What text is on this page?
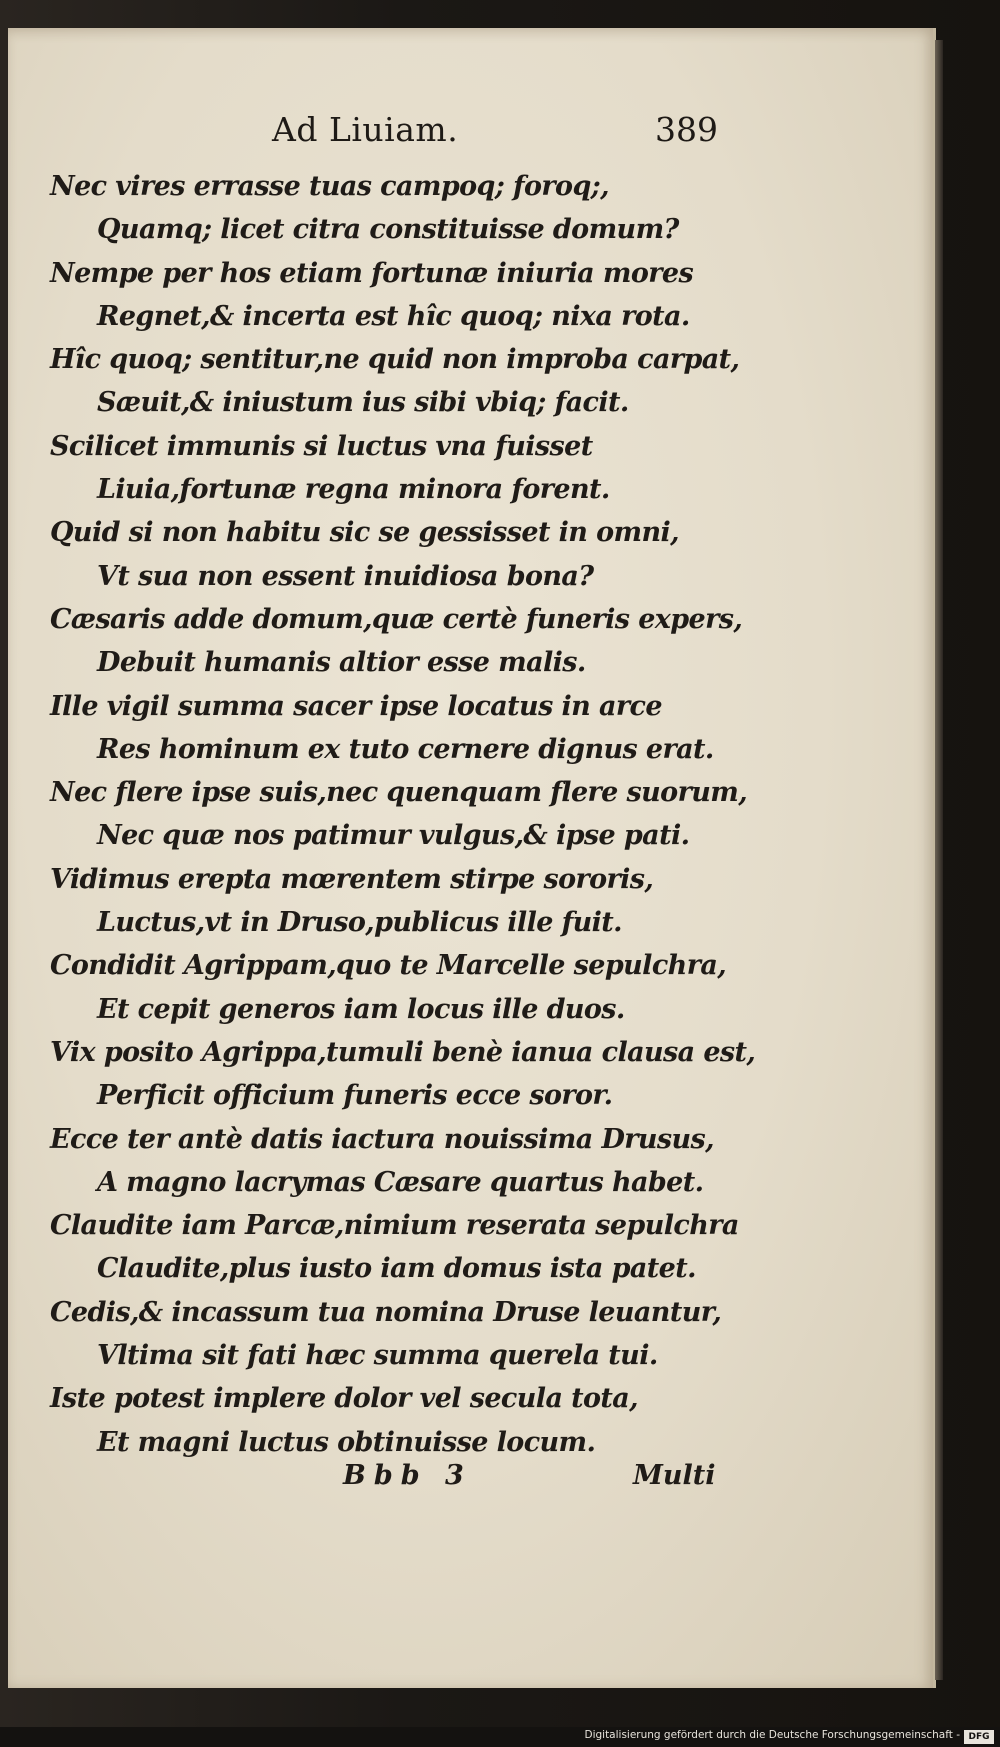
Ad Liuiam.	389
Nec vires errasse tuas campoq; foroq;,
Quamq; licet citra constituisse domum?
Nempe per hos etiam fortunæ iniuria mores
Regnet,& incerta est hîc quoq; nixa rota.
Hîc quoq; sentitur,ne quid non improba carpat,
Sæuit,& iniustum ius sibi vbiq; facit.
Scilicet immunis si luctus vna fuisset
Liuia,fortunæ regna minora forent.
Quid si non habitu sic se gessisset in omni,
Vt sua non essent inuidiosa bona?
Cæsaris adde domum,quæ certè funeris expers,
Debuit humanis altior esse malis.
Ille vigil summa sacer ipse locatus in arce
Res hominum ex tuto cernere dignus erat.
Nec flere ipse suis,nec quenquam flere suorum,
Nec quæ nos patimur vulgus,& ipse pati.
Vidimus erepta mœrentem stirpe sororis,
Luctus,vt in Druso,publicus ille fuit.
Condidit Agrippam,quo te Marcelle sepulchra,
Et cepit generos iam locus ille duos.
Vix posito Agrippa,tumuli benè ianua clausa est,
Perficit officium funeris ecce soror.
Ecce ter antè datis iactura nouissima Drusus,
A magno lacrymas Cæsare quartus habet.
Claudite iam Parcæ,nimium reserata sepulchra
Claudite,plus iusto iam domus ista patet.
Cedis,& incassum tua nomina Druse leuantur,
Vltima sit fati hæc summa querela tui.
Iste potest implere dolor vel secula tota,
Et magni luctus obtinuisse locum.
Bbb 3	Multi
Digitalisierung gefördert durch die Deutsche Forschungsgemeinschaft - DFG
